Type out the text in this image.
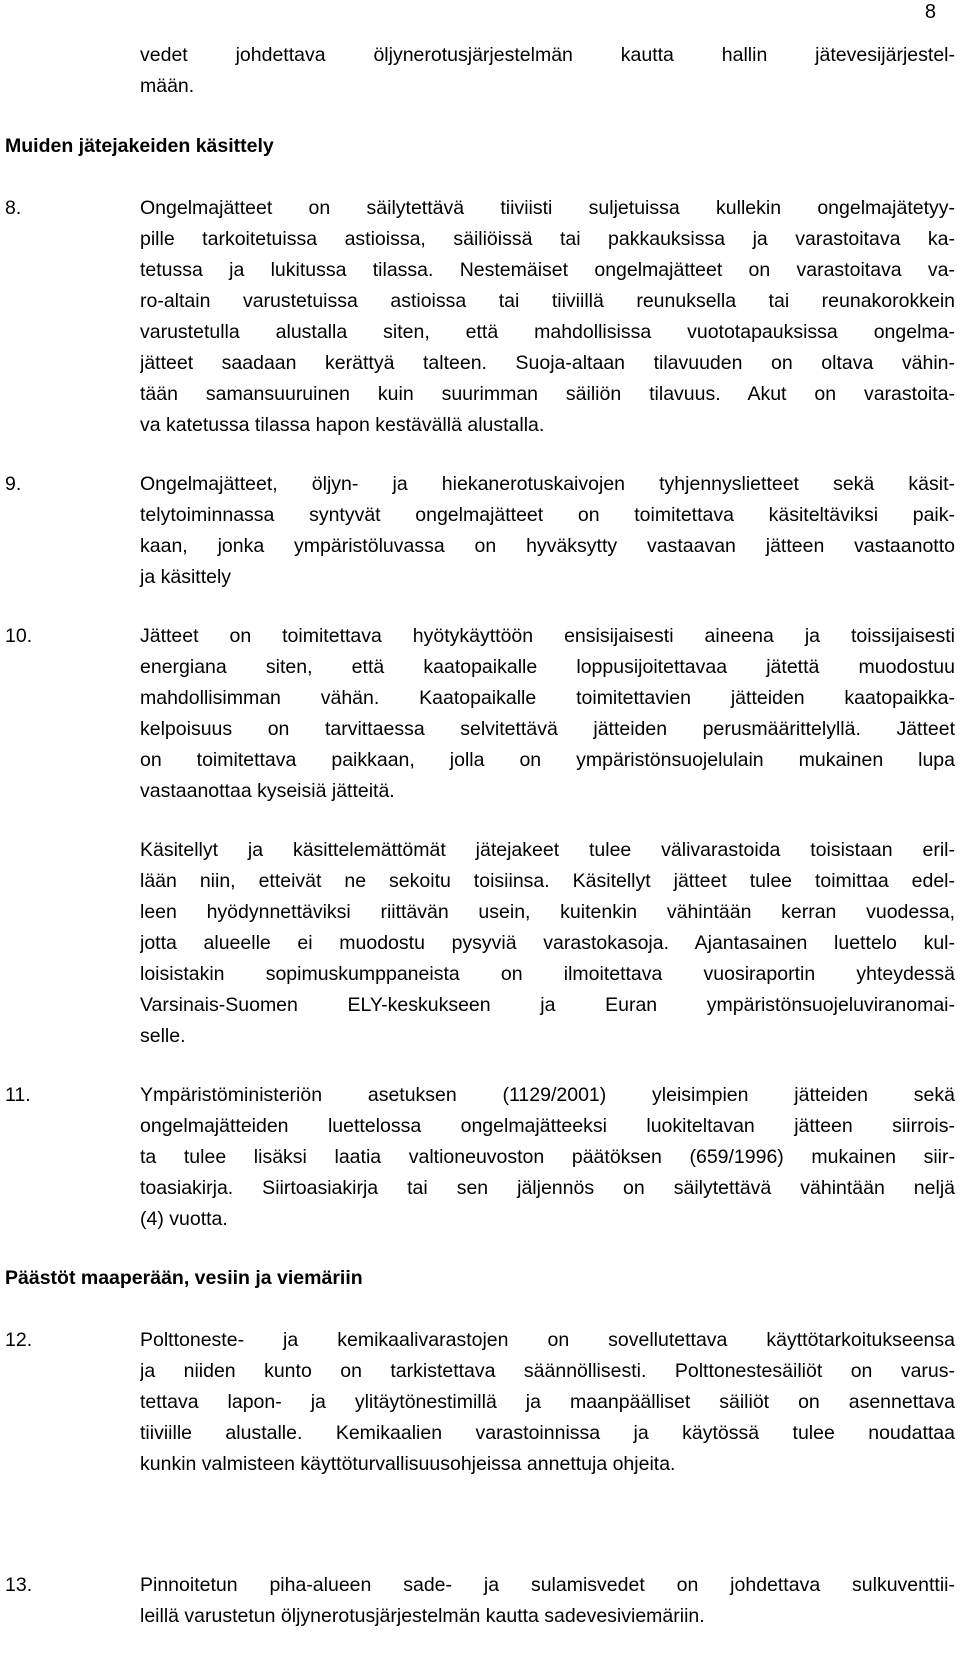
8
vedet johdettava öljynerotusjärjestelmän kautta hallin jätevesijärjestel-
mään.
Muiden jätejakeiden käsittely
8.	Ongelmajätteet on säilytettävä tiiviisti suljetuissa kullekin ongelmajätetyy-
pille tarkoitetuissa astioissa, säiliöissä tai pakkauksissa ja varastoitava ka-
tetussa ja lukitussa tilassa. Nestemäiset ongelmajätteet on varastoitava va-
ro-altain varustetuissa astioissa tai tiiviillä reunuksella tai reunakorokkein
varustetulla alustalla siten, että mahdollisissa vuototapauksissa ongelma-
jätteet saadaan kerättyä talteen. Suoja-altaan tilavuuden on oltava vähin-
tään samansuuruinen kuin suurimman säiliön tilavuus. Akut on varastoita-
va katetussa tilassa hapon kestävällä alustalla.
9.	Ongelmajätteet, öljyn- ja hiekanerotuskaivojen tyhjennyslietteet sekä käsit-
telytoiminnassa syntyvät ongelmajätteet on toimitettava käsiteltäviksi paik-
kaan, jonka ympäristöluvassa on hyväksytty vastaavan jätteen vastaanotto
ja käsittely
10.	Jätteet on toimitettava hyötykäyttöön ensisijaisesti aineena ja toissijaisesti
energiana siten, että kaatopaikalle loppusijoitettavaa jätettä muodostuu
mahdollisimman vähän. Kaatopaikalle toimitettavien jätteiden kaatopaikka-
kelpoisuus on tarvittaessa selvitettävä jätteiden perusmäärittelyllä. Jätteet
on toimitettava paikkaan, jolla on ympäristönsuojelulain mukainen lupa
vastaanottaa kyseisiä jätteitä.
Käsitellyt ja käsittelemättömät jätejakeet tulee välivarastoida toisistaan eril-
lään niin, etteivät ne sekoitu toisiinsa. Käsitellyt jätteet tulee toimittaa edel-
leen hyödynnettäviksi riittävän usein, kuitenkin vähintään kerran vuodessa,
jotta alueelle ei muodostu pysyviä varastokasoja. Ajantasainen luettelo kul-
loisistakin sopimuskumppaneista on ilmoitettava vuosiraportin yhteydessä
Varsinais-Suomen ELY-keskukseen ja Euran ympäristönsuojeluviranomai-
selle.
11.	Ympäristöministeriön asetuksen (1129/2001) yleisimpien jätteiden sekä
ongelmajätteiden luettelossa ongelmajätteeksi luokiteltavan jätteen siirrois-
ta tulee lisäksi laatia valtioneuvoston päätöksen (659/1996) mukainen siir-
toasiakirja. Siirtoasiakirja tai sen jäljennös on säilytettävä vähintään neljä
(4) vuotta.
Päästöt maaperään, vesiin ja viemäriin
12.	Polttoneste- ja kemikaalivarastojen on sovellutettava käyttötarkoitukseensa
ja niiden kunto on tarkistettava säännöllisesti. Polttonestesäiliöt on varus-
tettava lapon- ja ylitäytönestimillä ja maanpäälliset säiliöt on asennettava
tiiviille alustalle. Kemikaalien varastoinnissa ja käytössä tulee noudattaa
kunkin valmisteen käyttöturvallisuusohjeissa annettuja ohjeita.
13.	Pinnoitetun piha-alueen sade- ja sulamisvedet on johdettava sulkuventtii-
leillä varustetun öljynerotusjärjestelmän kautta sadevesiviemäriin.
